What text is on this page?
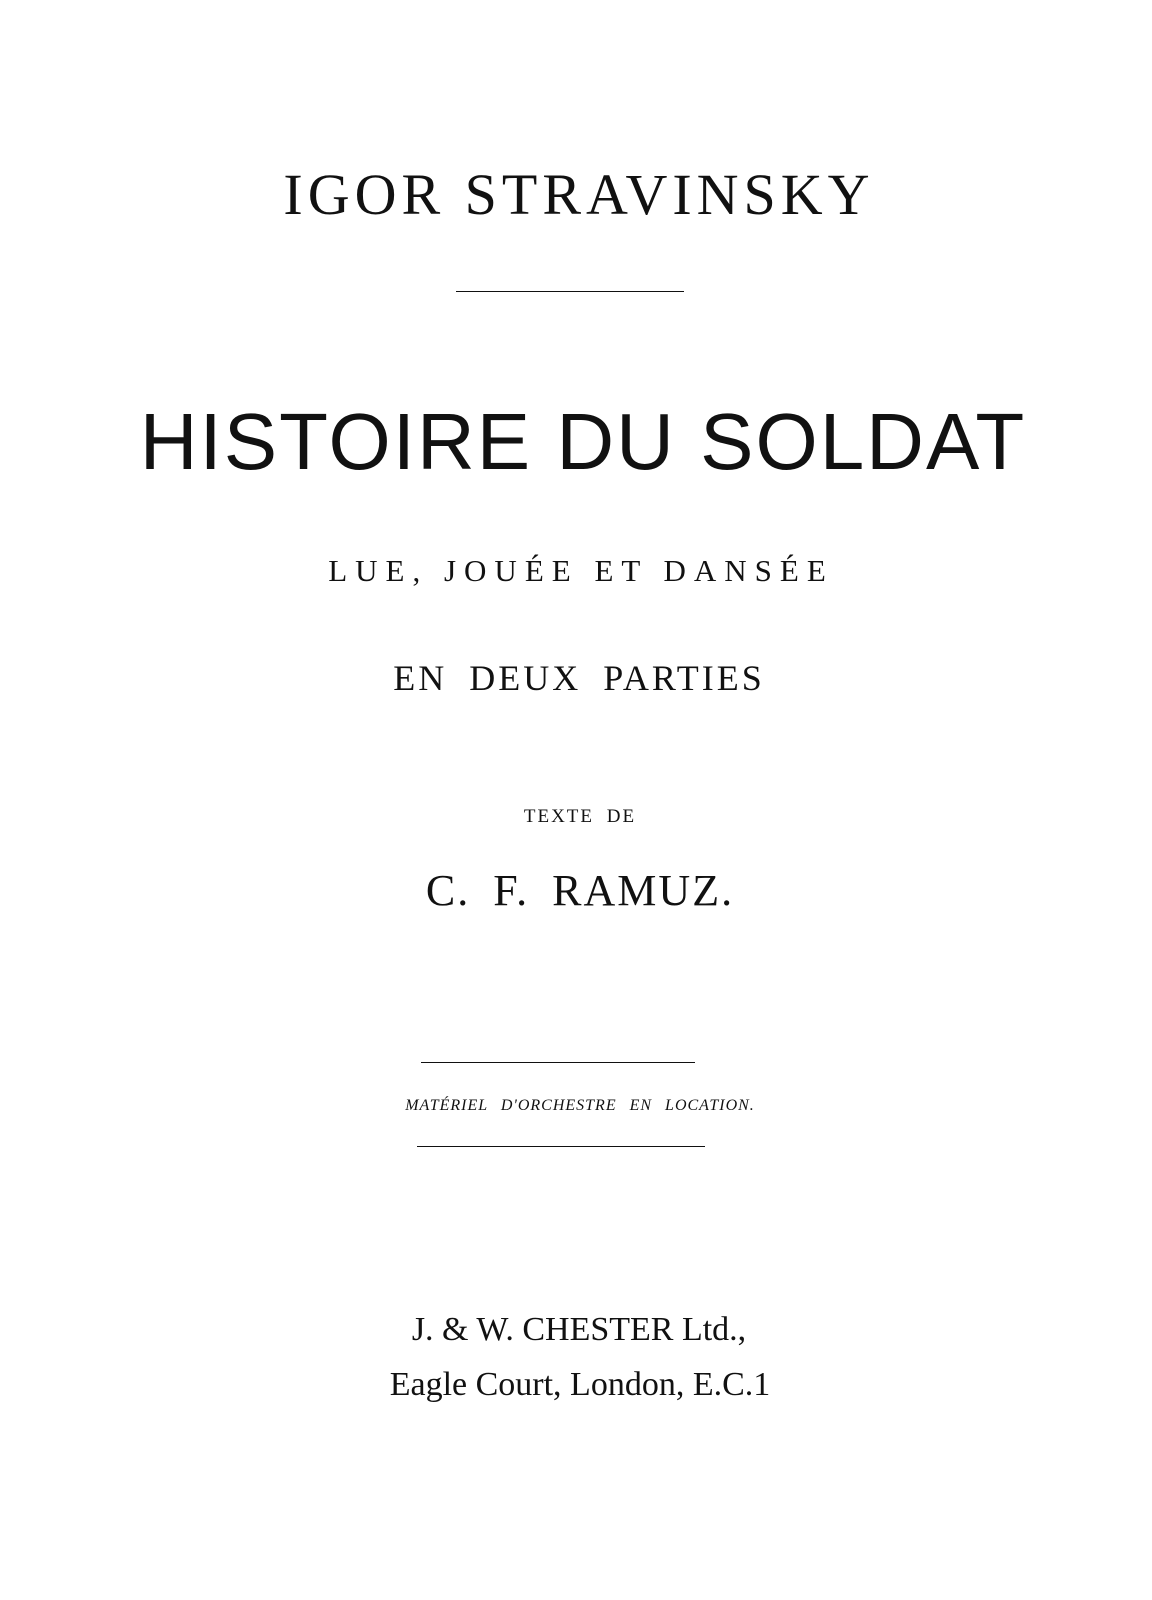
IGOR STRAVINSKY
HISTOIRE DU SOLDAT
LUE, JOUÉE ET DANSÉE
EN DEUX PARTIES
TEXTE DE
C. F. RAMUZ.
MATÉRIEL D'ORCHESTRE EN LOCATION.
J. & W. CHESTER Ltd.,
Eagle Court, London, E.C.1
